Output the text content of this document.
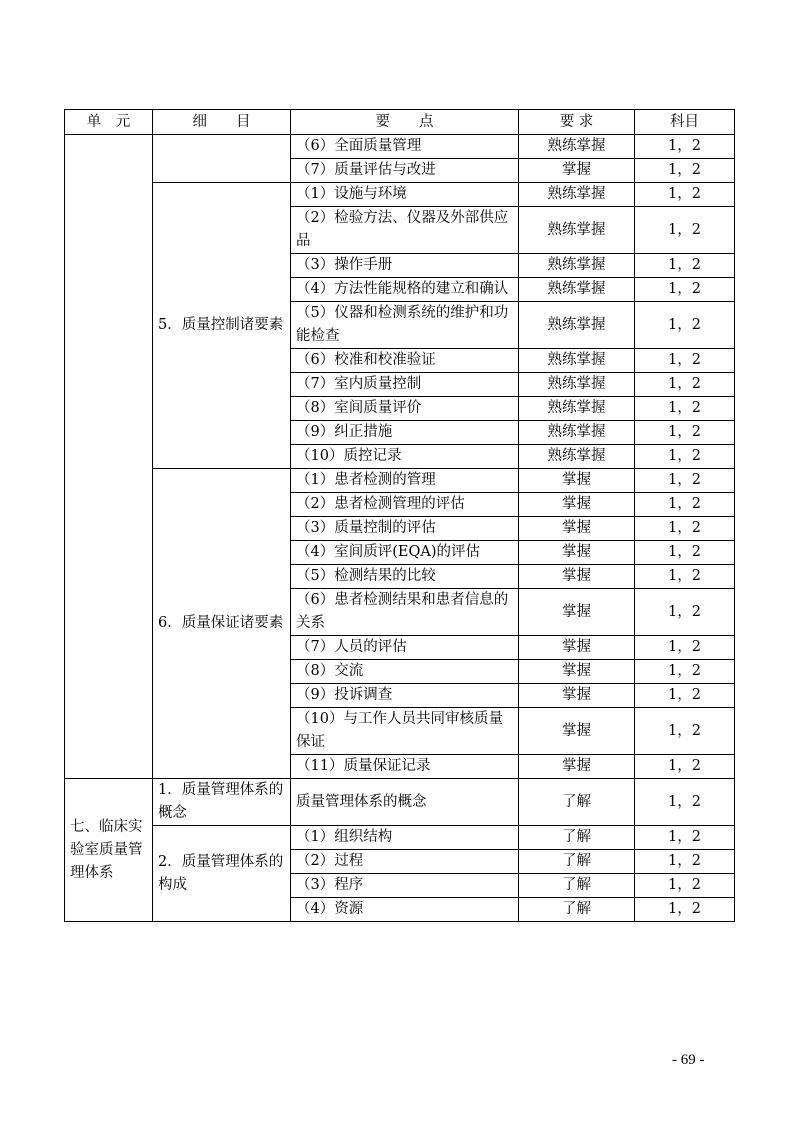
单　元	细　　目	要　　点	要 求	科目
		（6）全面质量管理	熟练掌握	1，2
		（7）质量评估与改进	掌握	1，2
	5．质量控制诸要素	（1）设施与环境	熟练掌握	1，2
		（2）检验方法、仪器及外部供应品	熟练掌握	1，2
		（3）操作手册	熟练掌握	1，2
		（4）方法性能规格的建立和确认	熟练掌握	1，2
		（5）仪器和检测系统的维护和功能检查	熟练掌握	1，2
		（6）校准和校准验证	熟练掌握	1，2
		（7）室内质量控制	熟练掌握	1，2
		（8）室间质量评价	熟练掌握	1，2
		（9）纠正措施	熟练掌握	1，2
		（10）质控记录	熟练掌握	1，2
	6．质量保证诸要素	（1）患者检测的管理	掌握	1，2
		（2）患者检测管理的评估	掌握	1，2
		（3）质量控制的评估	掌握	1，2
		（4）室间质评(EQA)的评估	掌握	1，2
		（5）检测结果的比较	掌握	1，2
		（6）患者检测结果和患者信息的关系	掌握	1，2
		（7）人员的评估	掌握	1，2
		（8）交流	掌握	1，2
		（9）投诉调查	掌握	1，2
		（10）与工作人员共同审核质量保证	掌握	1，2
		（11）质量保证记录	掌握	1，2
七、临床实验室质量管理体系	1．质量管理体系的概念	质量管理体系的概念	了解	1，2
	2．质量管理体系的构成	（1）组织结构	了解	1，2
		（2）过程	了解	1，2
		（3）程序	了解	1，2
		（4）资源	了解	1，2
- 69 -
